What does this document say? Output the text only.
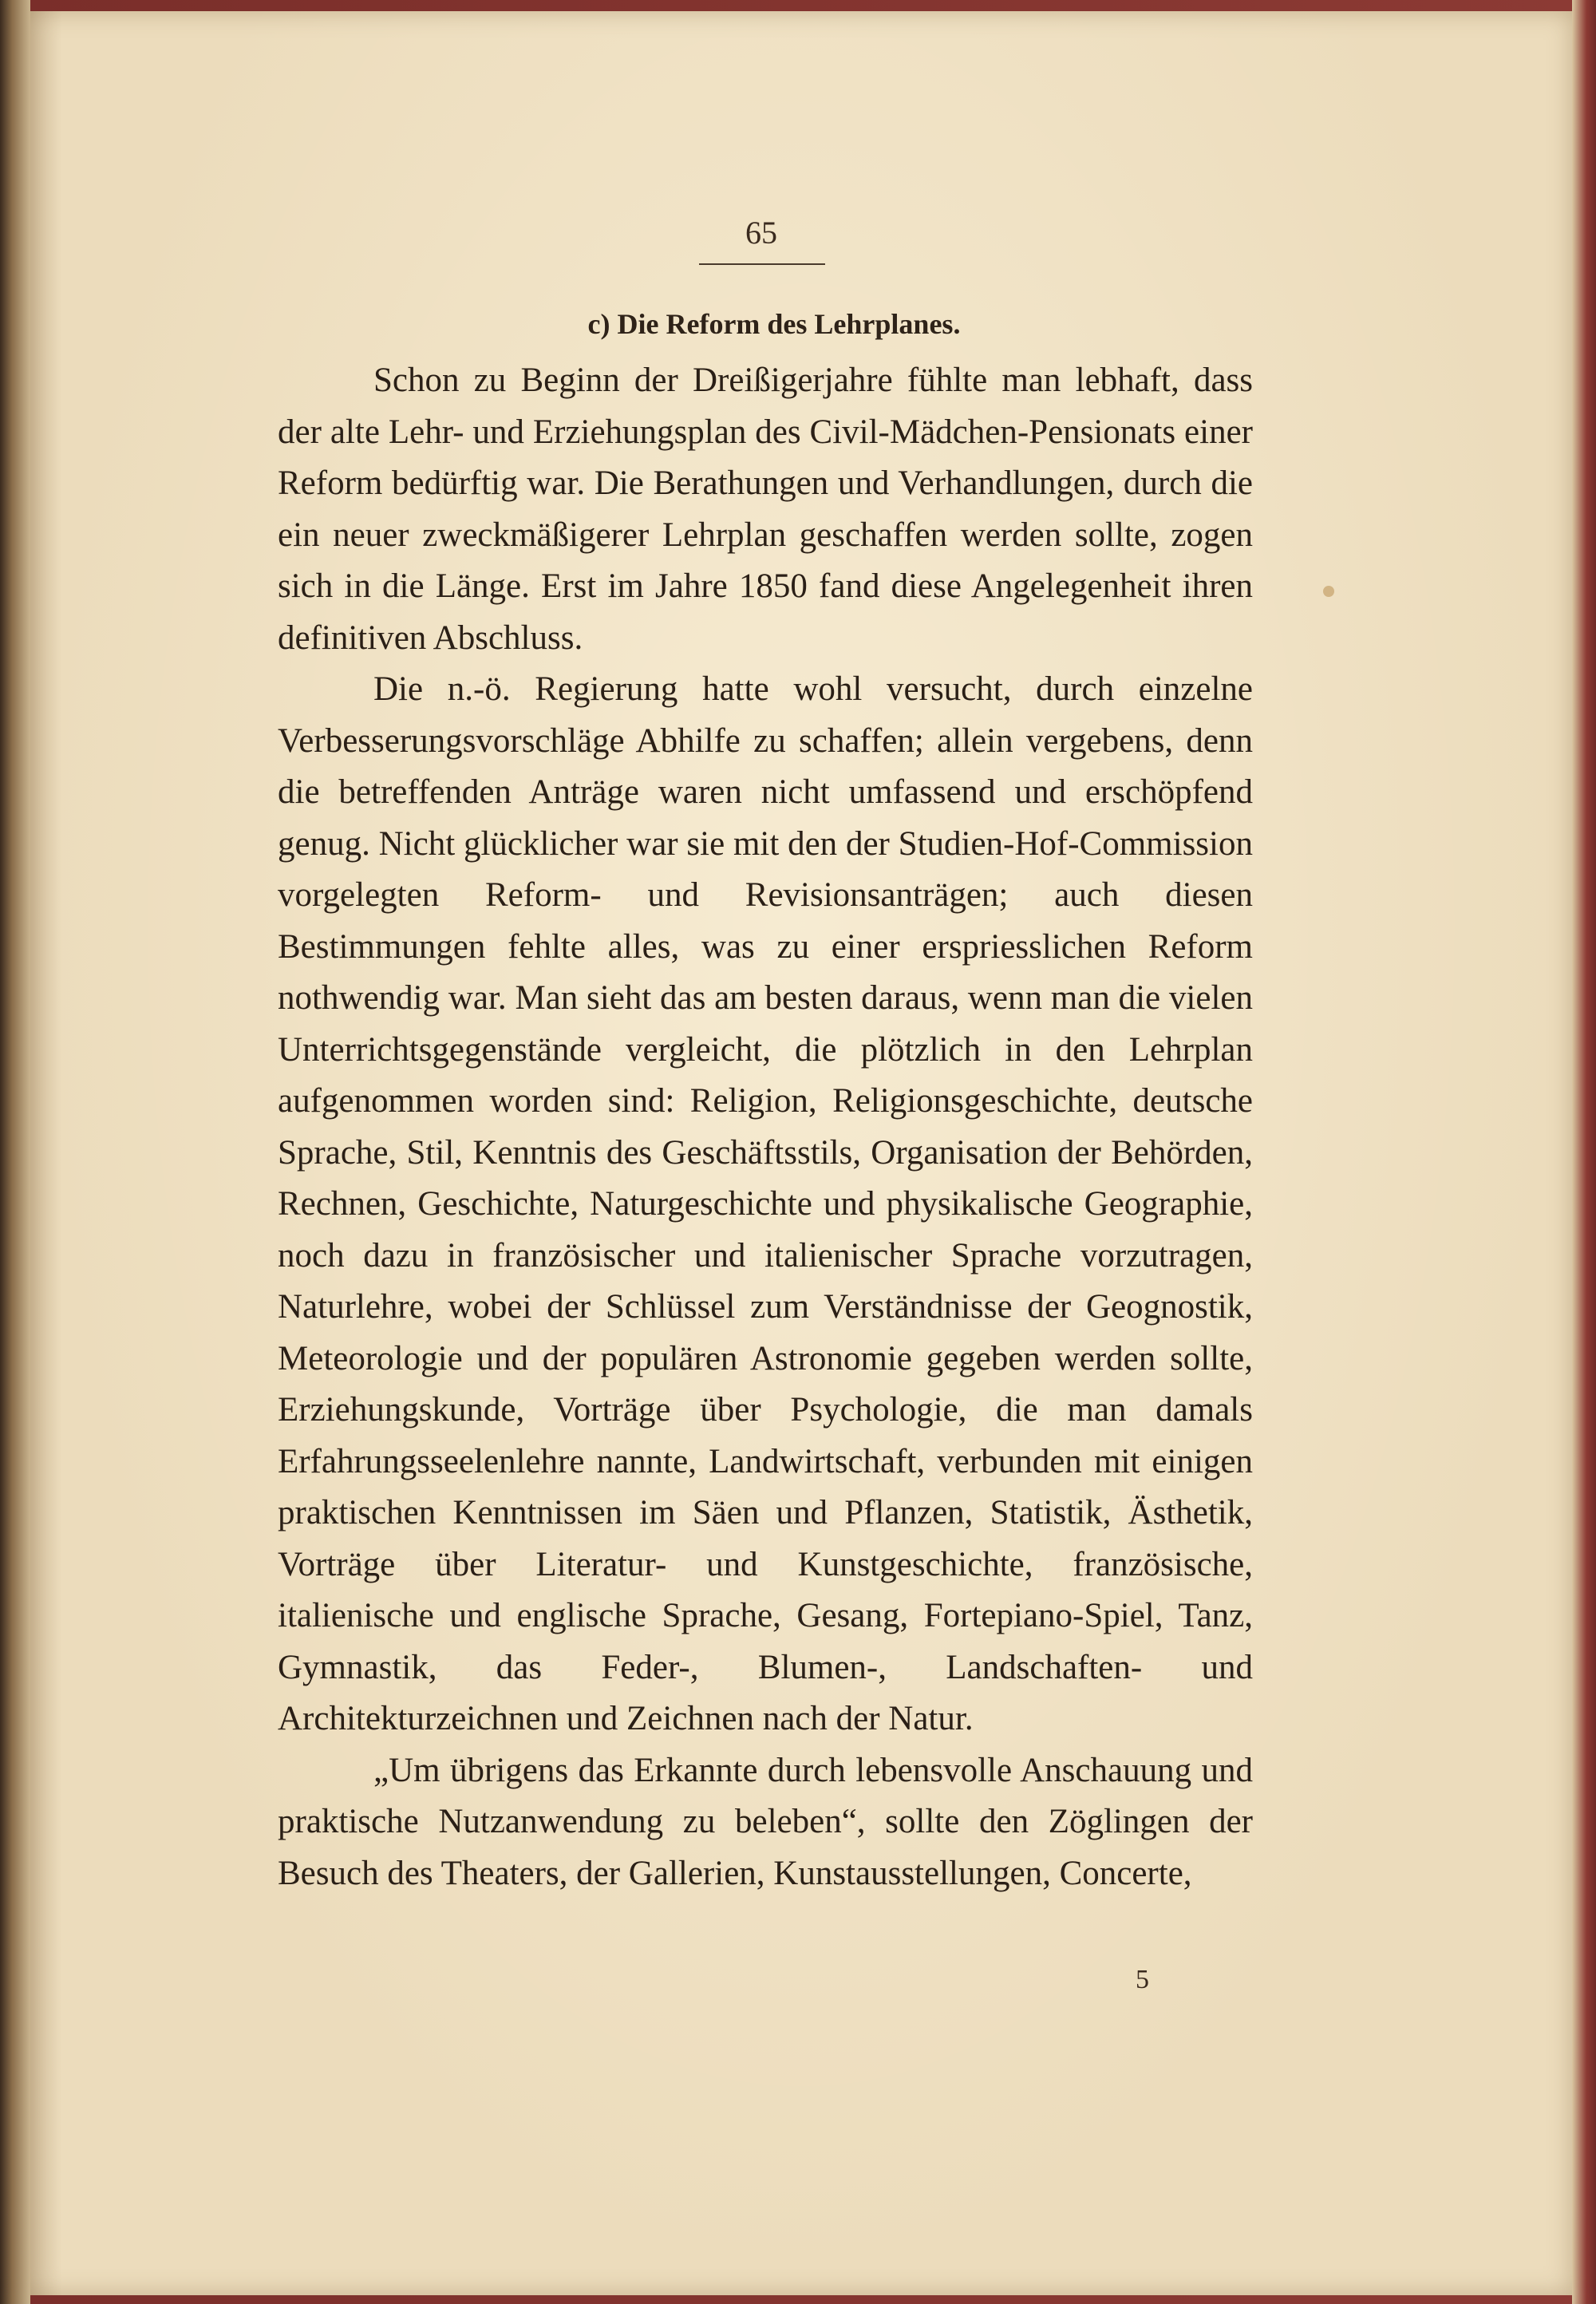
65
c) Die Reform des Lehrplanes.

Schon zu Beginn der Dreißigerjahre fühlte man lebhaft, dass der alte Lehr- und Erziehungsplan des Civil-Mädchen-Pensionats einer Reform bedürftig war. Die Berathungen und Verhandlungen, durch die ein neuer zweckmäßigerer Lehrplan geschaffen werden sollte, zogen sich in die Länge. Erst im Jahre 1850 fand diese Angelegenheit ihren definitiven Abschluss.

Die n.-ö. Regierung hatte wohl versucht, durch einzelne Verbesserungsvorschläge Abhilfe zu schaffen; allein vergebens, denn die betreffenden Anträge waren nicht umfassend und erschöpfend genug. Nicht glücklicher war sie mit den der Studien-Hof-Commission vorgelegten Reform- und Revisionsanträgen; auch diesen Bestimmungen fehlte alles, was zu einer erspriesslichen Reform nothwendig war. Man sieht das am besten daraus, wenn man die vielen Unterrichtsgegenstände vergleicht, die plötzlich in den Lehrplan aufgenommen worden sind: Religion, Religionsgeschichte, deutsche Sprache, Stil, Kenntnis des Geschäftsstils, Organisation der Behörden, Rechnen, Geschichte, Naturgeschichte und physikalische Geographie, noch dazu in französischer und italienischer Sprache vorzutragen, Naturlehre, wobei der Schlüssel zum Verständnisse der Geognostik, Meteorologie und der populären Astronomie gegeben werden sollte, Erziehungskunde, Vorträge über Psychologie, die man damals Erfahrungsseelenlehre nannte, Landwirtschaft, verbunden mit einigen praktischen Kenntnissen im Säen und Pflanzen, Statistik, Ästhetik, Vorträge über Literatur- und Kunstgeschichte, französische, italienische und englische Sprache, Gesang, Fortepiano-Spiel, Tanz, Gymnastik, das Feder-, Blumen-, Landschaften- und Architekturzeichnen und Zeichnen nach der Natur.

„Um übrigens das Erkannte durch lebensvolle Anschauung und praktische Nutzanwendung zu beleben“, sollte den Zöglingen der Besuch des Theaters, der Gallerien, Kunstausstellungen, Concerte,

5
